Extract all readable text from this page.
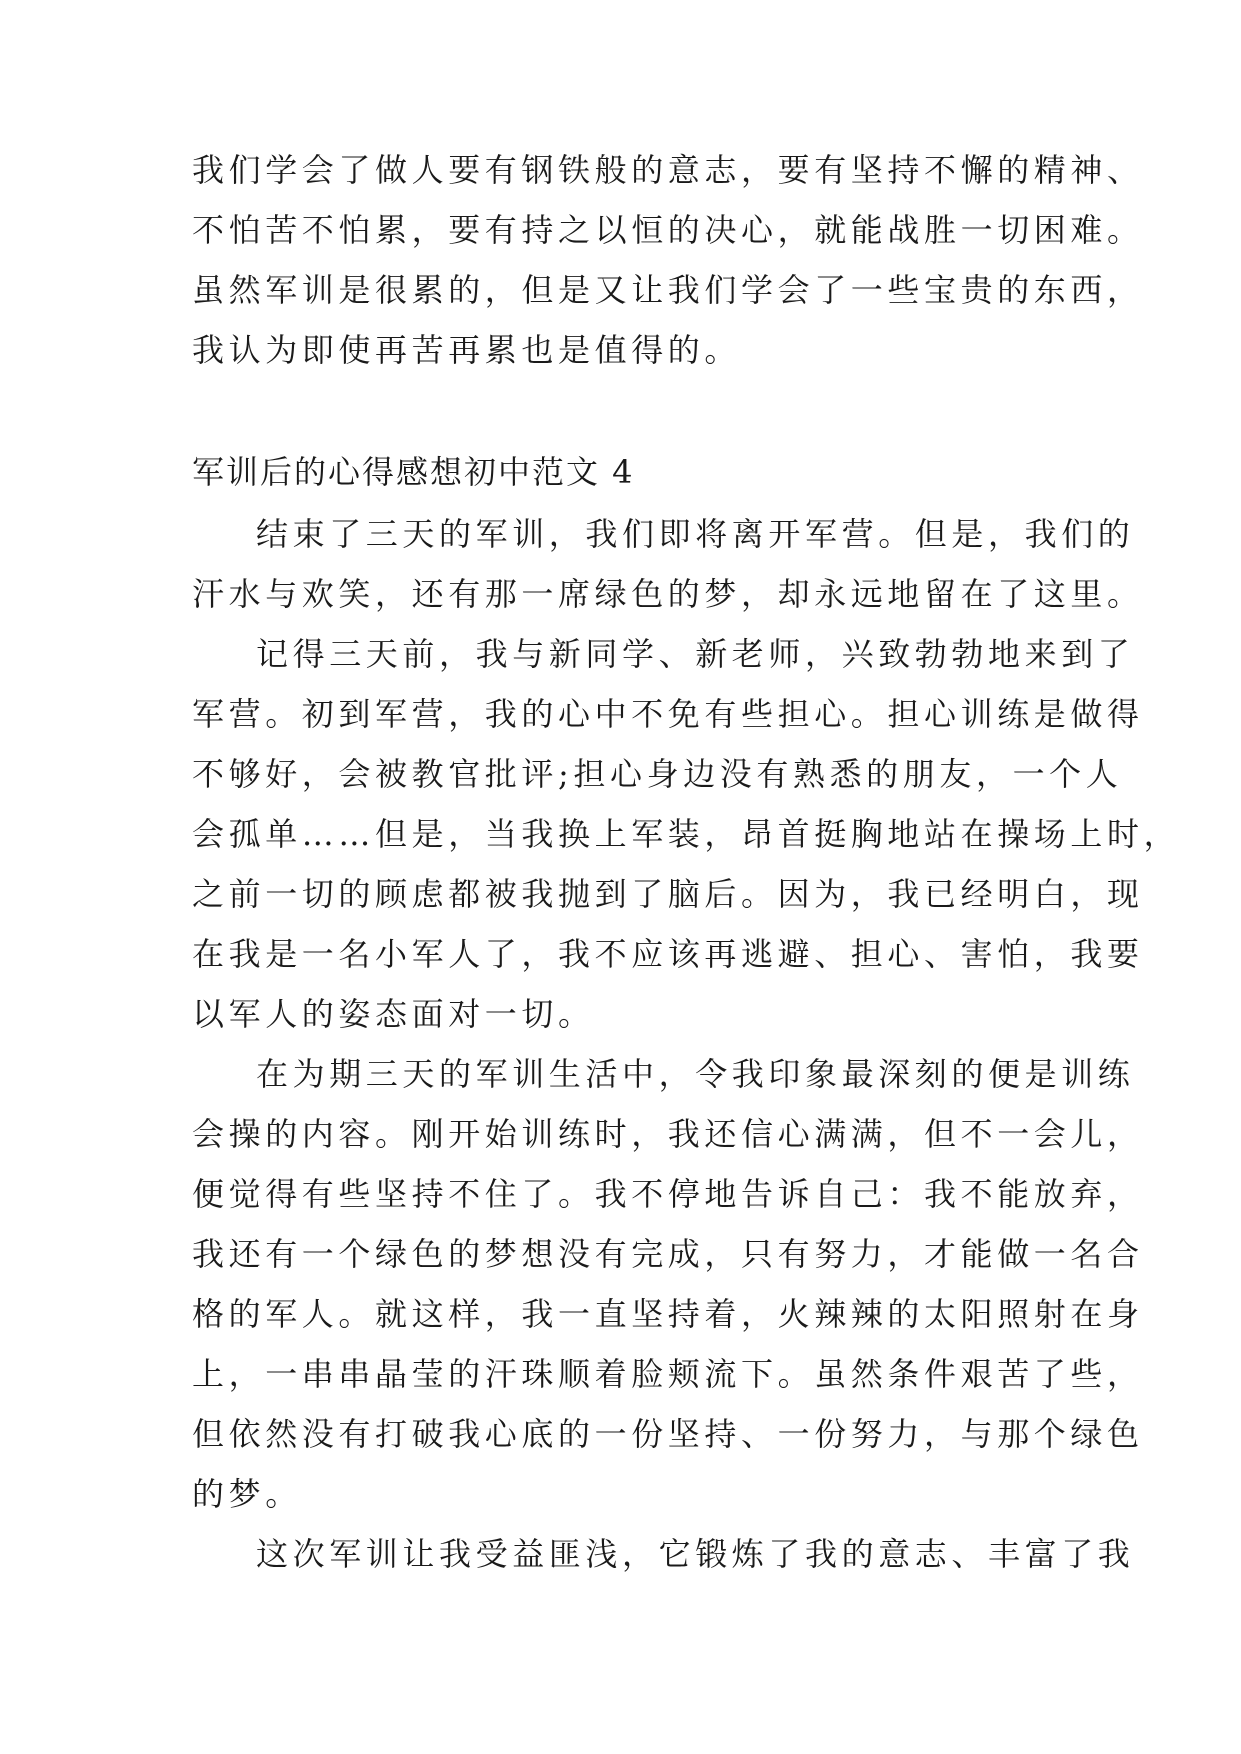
我们学会了做人要有钢铁般的意志，要有坚持不懈的精神、
不怕苦不怕累，要有持之以恒的决心，就能战胜一切困难。
虽然军训是很累的，但是又让我们学会了一些宝贵的东西，
我认为即使再苦再累也是值得的。
军训后的心得感想初中范文 4
结束了三天的军训，我们即将离开军营。但是，我们的
汗水与欢笑，还有那一席绿色的梦，却永远地留在了这里。
记得三天前，我与新同学、新老师，兴致勃勃地来到了
军营。初到军营，我的心中不免有些担心。担心训练是做得
不够好，会被教官批评;担心身边没有熟悉的朋友，一个人
会孤单……但是，当我换上军装，昂首挺胸地站在操场上时，
之前一切的顾虑都被我抛到了脑后。因为，我已经明白，现
在我是一名小军人了，我不应该再逃避、担心、害怕，我要
以军人的姿态面对一切。
在为期三天的军训生活中，令我印象最深刻的便是训练
会操的内容。刚开始训练时，我还信心满满，但不一会儿，
便觉得有些坚持不住了。我不停地告诉自己：我不能放弃，
我还有一个绿色的梦想没有完成，只有努力，才能做一名合
格的军人。就这样，我一直坚持着，火辣辣的太阳照射在身
上，一串串晶莹的汗珠顺着脸颊流下。虽然条件艰苦了些，
但依然没有打破我心底的一份坚持、一份努力，与那个绿色
的梦。
这次军训让我受益匪浅，它锻炼了我的意志、丰富了我
